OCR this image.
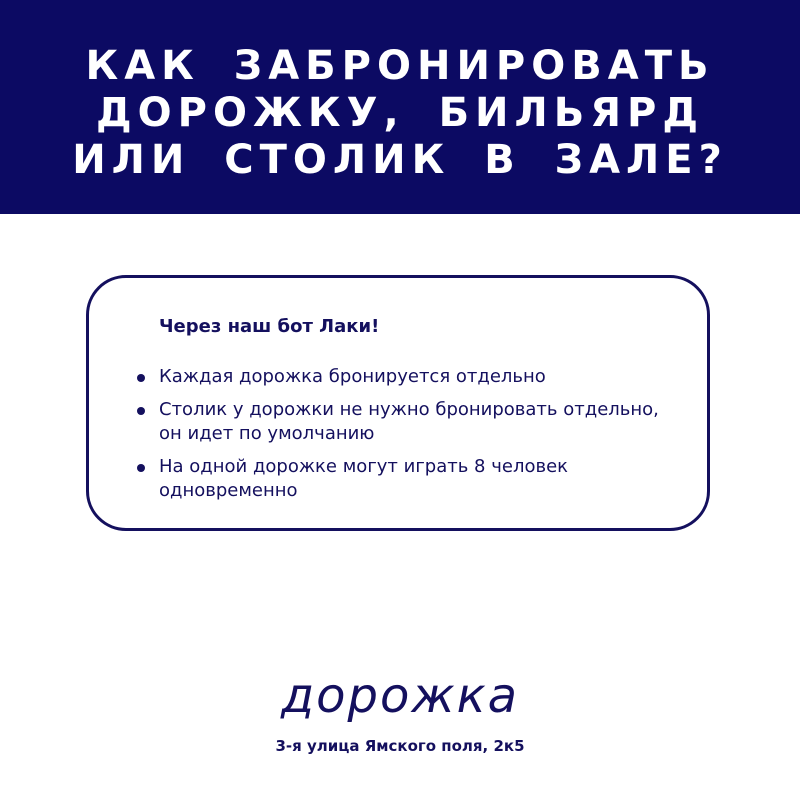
КАК ЗАБРОНИРОВАТЬ
ДОРОЖКУ, БИЛЬЯРД
ИЛИ СТОЛИК В ЗАЛЕ?
Через наш бот Лаки!
Каждая дорожка бронируется отдельно
Столик у дорожки не нужно бронировать отдельно, он идет по умолчанию
На одной дорожке могут играть 8 человек одновременно
дорожка
3-я улица Ямского поля, 2к5
